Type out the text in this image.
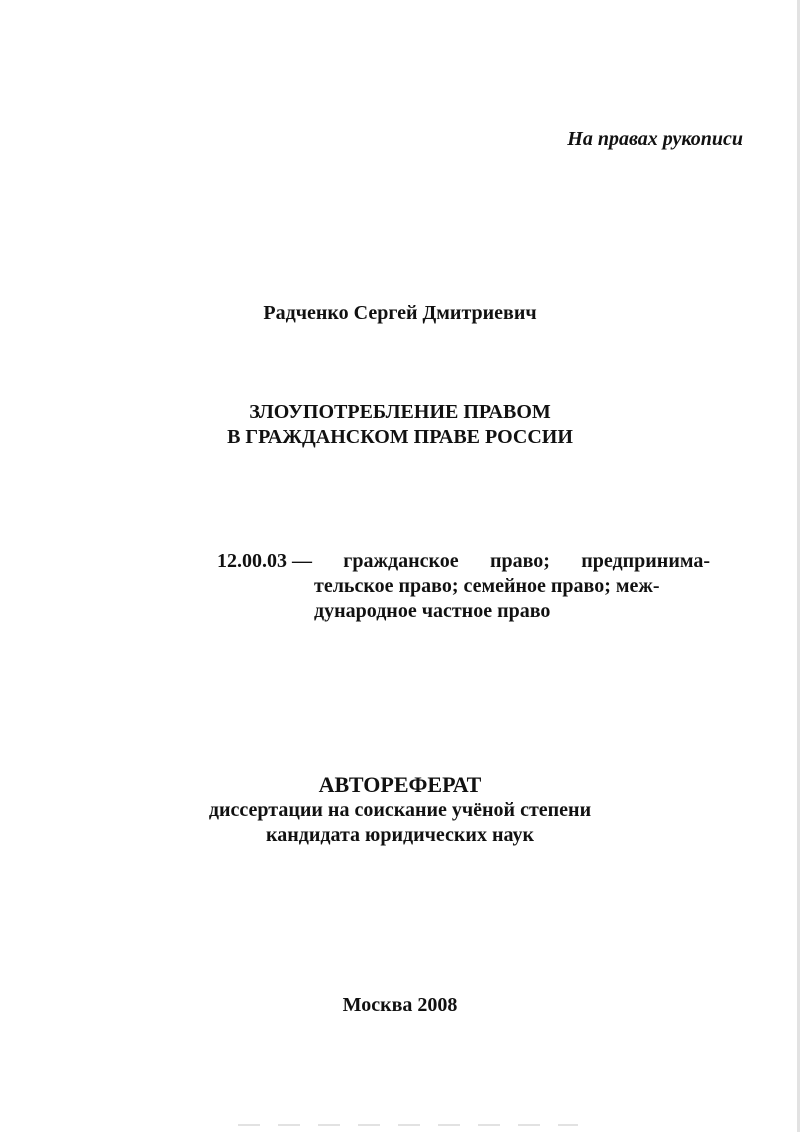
На правах рукописи
Радченко Сергей Дмитриевич
ЗЛОУПОТРЕБЛЕНИЕ ПРАВОМ
В ГРАЖДАНСКОМ ПРАВЕ РОССИИ
12.00.03 — гражданское право; предпринима-
тельское право; семейное право; меж-
дународное частное право
АВТОРЕФЕРАТ
диссертации на соискание учёной степени
кандидата юридических наук
Москва 2008
